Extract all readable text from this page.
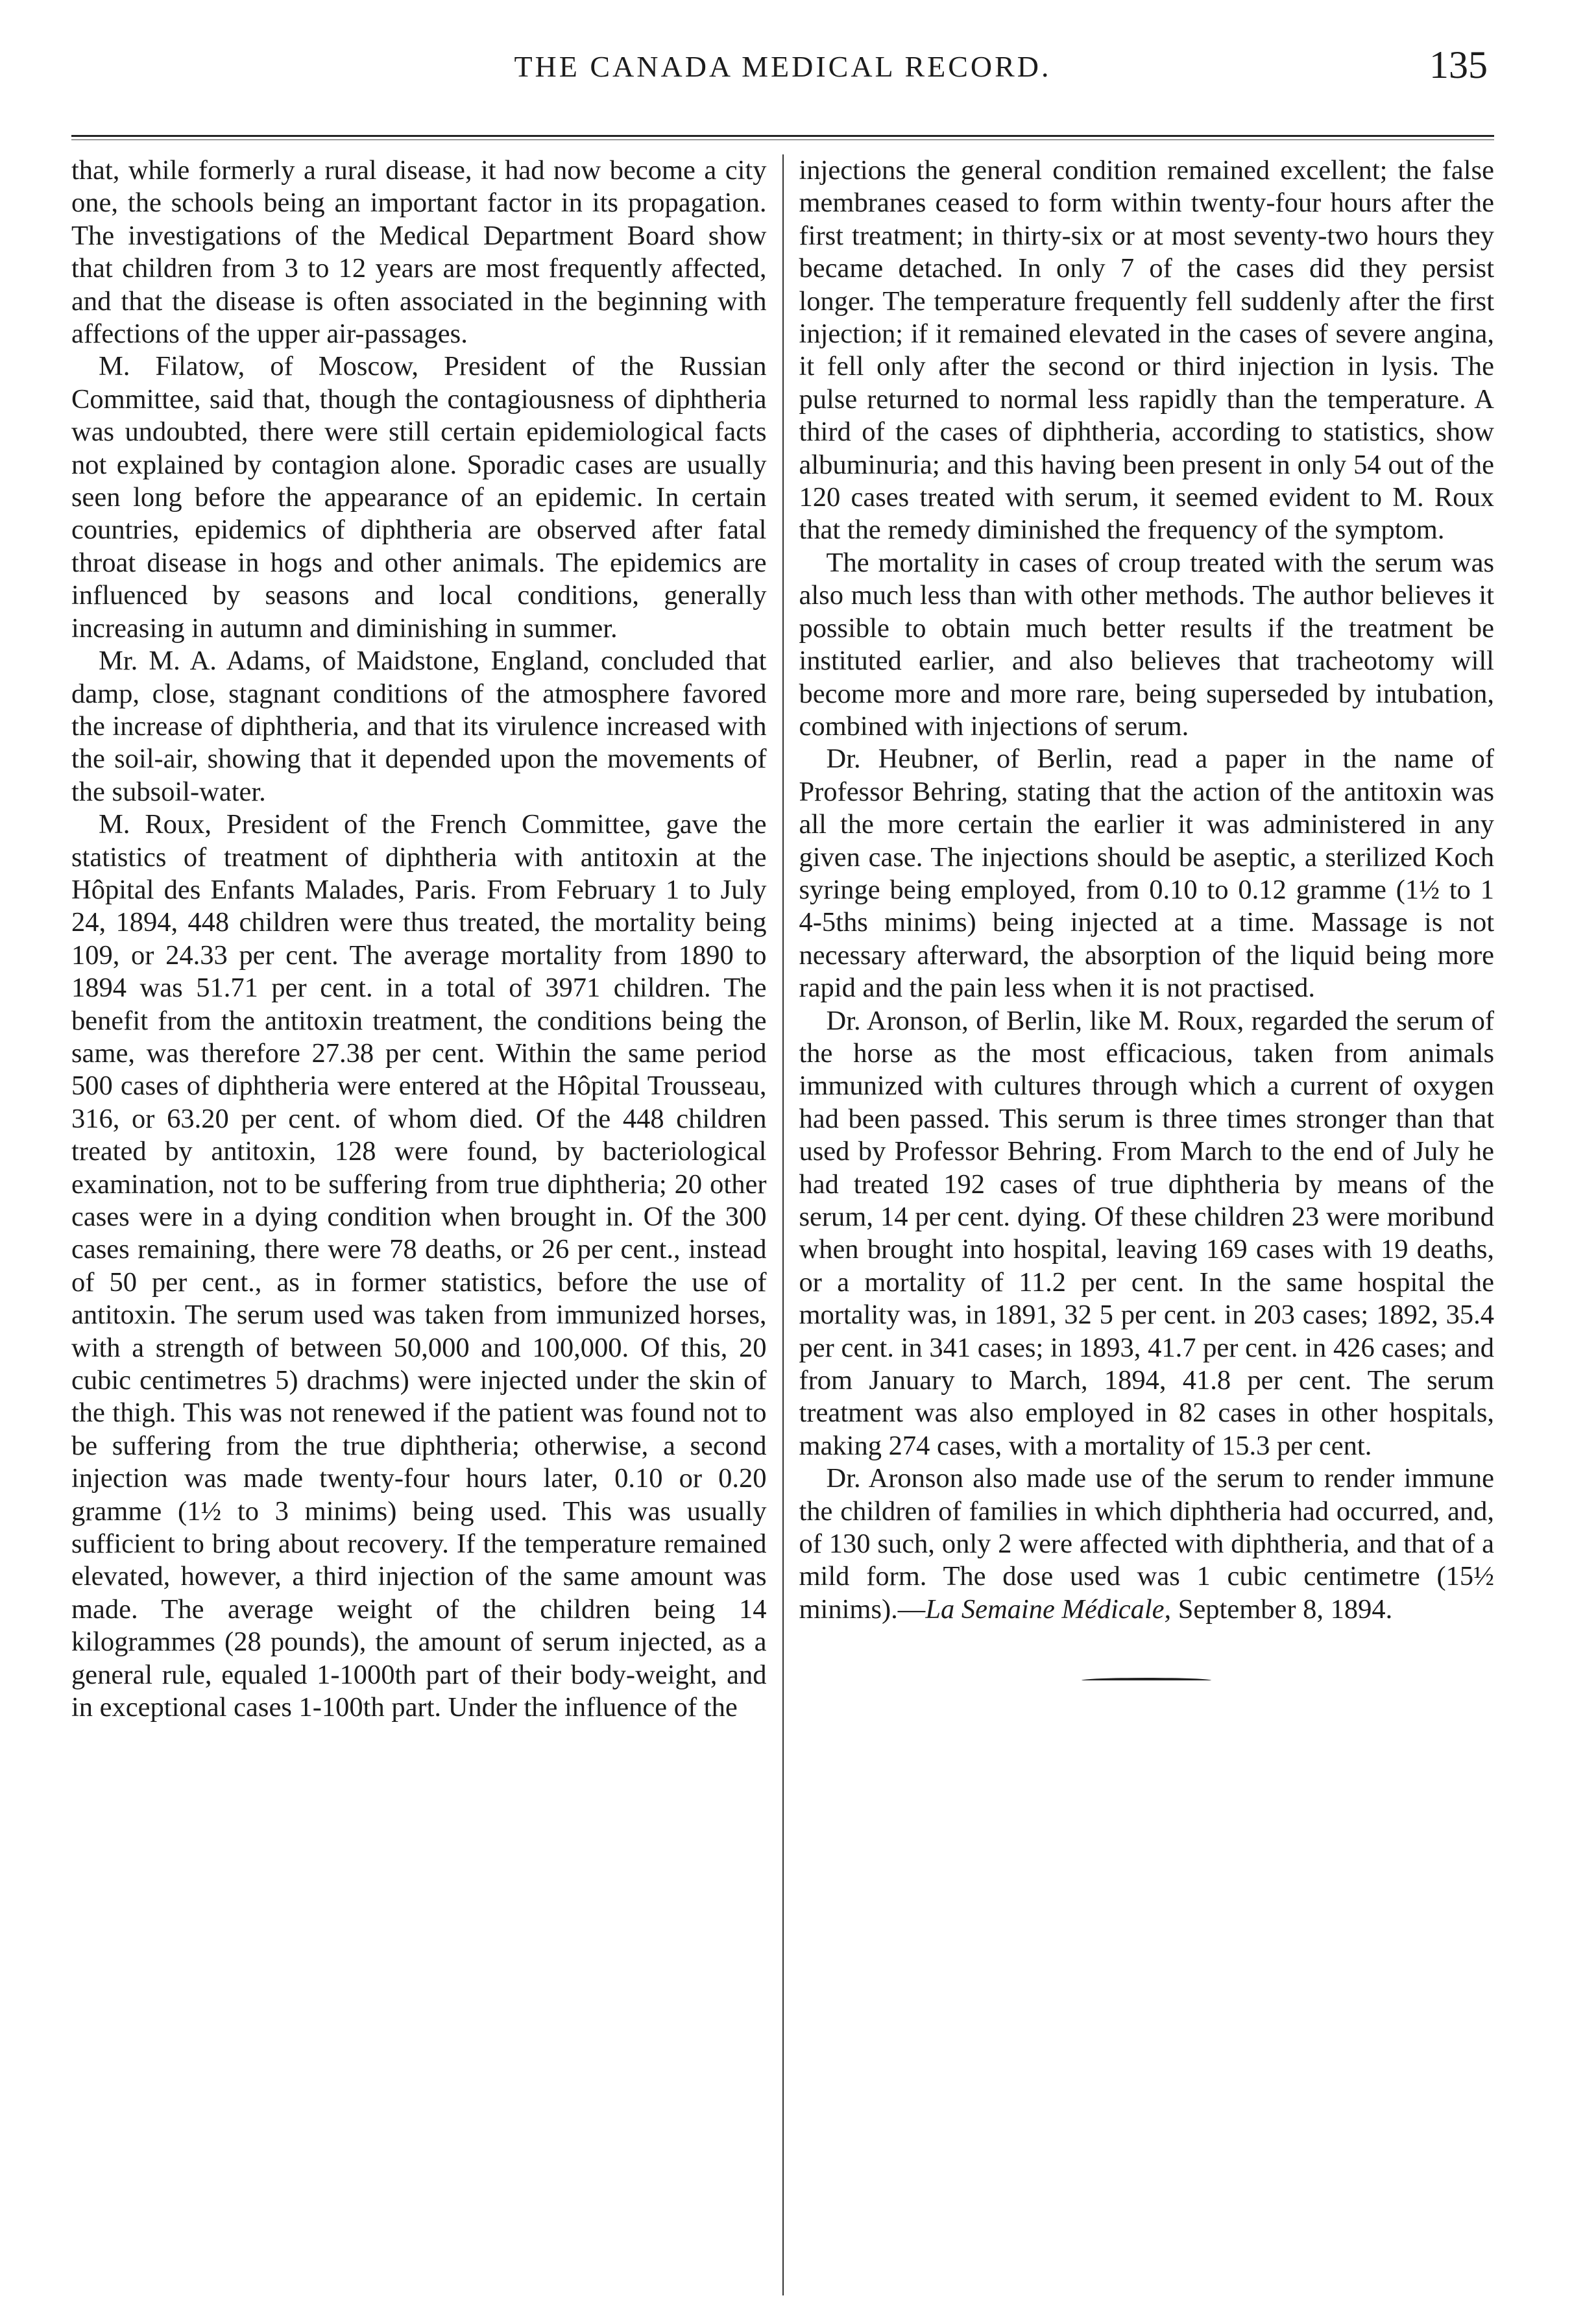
THE CANADA MEDICAL RECORD.	135

that, while formerly a rural disease, it had now become a city one, the schools being an important factor in its propagation. The investigations of the Medical Department Board show that children from 3 to 12 years are most frequently affected, and that the disease is often associated in the beginning with affections of the upper air-passages.

M. Filatow, of Moscow, President of the Russian Committee, said that, though the contagiousness of diphtheria was undoubted, there were still certain epidemiological facts not explained by contagion alone. Sporadic cases are usually seen long before the appearance of an epidemic. In certain countries, epidemics of diphtheria are observed after fatal throat disease in hogs and other animals. The epidemics are influenced by seasons and local conditions, generally increasing in autumn and diminishing in summer.

Mr. M. A. Adams, of Maidstone, England, concluded that damp, close, stagnant conditions of the atmosphere favored the increase of diphtheria, and that its virulence increased with the soil-air, showing that it depended upon the movements of the subsoil-water.

M. Roux, President of the French Committee, gave the statistics of treatment of diphtheria with antitoxin at the Hôpital des Enfants Malades, Paris. From February 1 to July 24, 1894, 448 children were thus treated, the mortality being 109, or 24.33 per cent. The average mortality from 1890 to 1894 was 51.71 per cent. in a total of 3971 children. The benefit from the antitoxin treatment, the conditions being the same, was therefore 27.38 per cent. Within the same period 500 cases of diphtheria were entered at the Hôpital Trousseau, 316, or 63.20 per cent. of whom died. Of the 448 children treated by antitoxin, 128 were found, by bacteriological examination, not to be suffering from true diphtheria; 20 other cases were in a dying condition when brought in. Of the 300 cases remaining, there were 78 deaths, or 26 per cent., instead of 50 per cent., as in former statistics, before the use of antitoxin. The serum used was taken from immunized horses, with a strength of between 50,000 and 100,000. Of this, 20 cubic centimetres 5) drachms) were injected under the skin of the thigh. This was not renewed if the patient was found not to be suffering from the true diphtheria; otherwise, a second injection was made twenty-four hours later, 0.10 or 0.20 gramme (1½ to 3 minims) being used. This was usually sufficient to bring about recovery. If the temperature remained elevated, however, a third injection of the same amount was made. The average weight of the children being 14 kilogrammes (28 pounds), the amount of serum injected, as a general rule, equaled 1-1000th part of their body-weight, and in exceptional cases 1-100th part. Under the influence of the

injections the general condition remained excellent; the false membranes ceased to form within twenty-four hours after the first treatment; in thirty-six or at most seventy-two hours they became detached. In only 7 of the cases did they persist longer. The temperature frequently fell suddenly after the first injection; if it remained elevated in the cases of severe angina, it fell only after the second or third injection in lysis. The pulse returned to normal less rapidly than the temperature. A third of the cases of diphtheria, according to statistics, show albuminuria; and this having been present in only 54 out of the 120 cases treated with serum, it seemed evident to M. Roux that the remedy diminished the frequency of the symptom.

The mortality in cases of croup treated with the serum was also much less than with other methods. The author believes it possible to obtain much better results if the treatment be instituted earlier, and also believes that tracheotomy will become more and more rare, being superseded by intubation, combined with injections of serum.

Dr. Heubner, of Berlin, read a paper in the name of Professor Behring, stating that the action of the antitoxin was all the more certain the earlier it was administered in any given case. The injections should be aseptic, a sterilized Koch syringe being employed, from 0.10 to 0.12 gramme (1½ to 1 4-5ths minims) being injected at a time. Massage is not necessary afterward, the absorption of the liquid being more rapid and the pain less when it is not practised.

Dr. Aronson, of Berlin, like M. Roux, regarded the serum of the horse as the most efficacious, taken from animals immunized with cultures through which a current of oxygen had been passed. This serum is three times stronger than that used by Professor Behring. From March to the end of July he had treated 192 cases of true diphtheria by means of the serum, 14 per cent. dying. Of these children 23 were moribund when brought into hospital, leaving 169 cases with 19 deaths, or a mortality of 11.2 per cent. In the same hospital the mortality was, in 1891, 32 5 per cent. in 203 cases; 1892, 35.4 per cent. in 341 cases; in 1893, 41.7 per cent. in 426 cases; and from January to March, 1894, 41.8 per cent. The serum treatment was also employed in 82 cases in other hospitals, making 274 cases, with a mortality of 15.3 per cent.

Dr. Aronson also made use of the serum to render immune the children of families in which diphtheria had occurred, and, of 130 such, only 2 were affected with diphtheria, and that of a mild form. The dose used was 1 cubic centimetre (15½ minims).—La Semaine Médicale, September 8, 1894.
